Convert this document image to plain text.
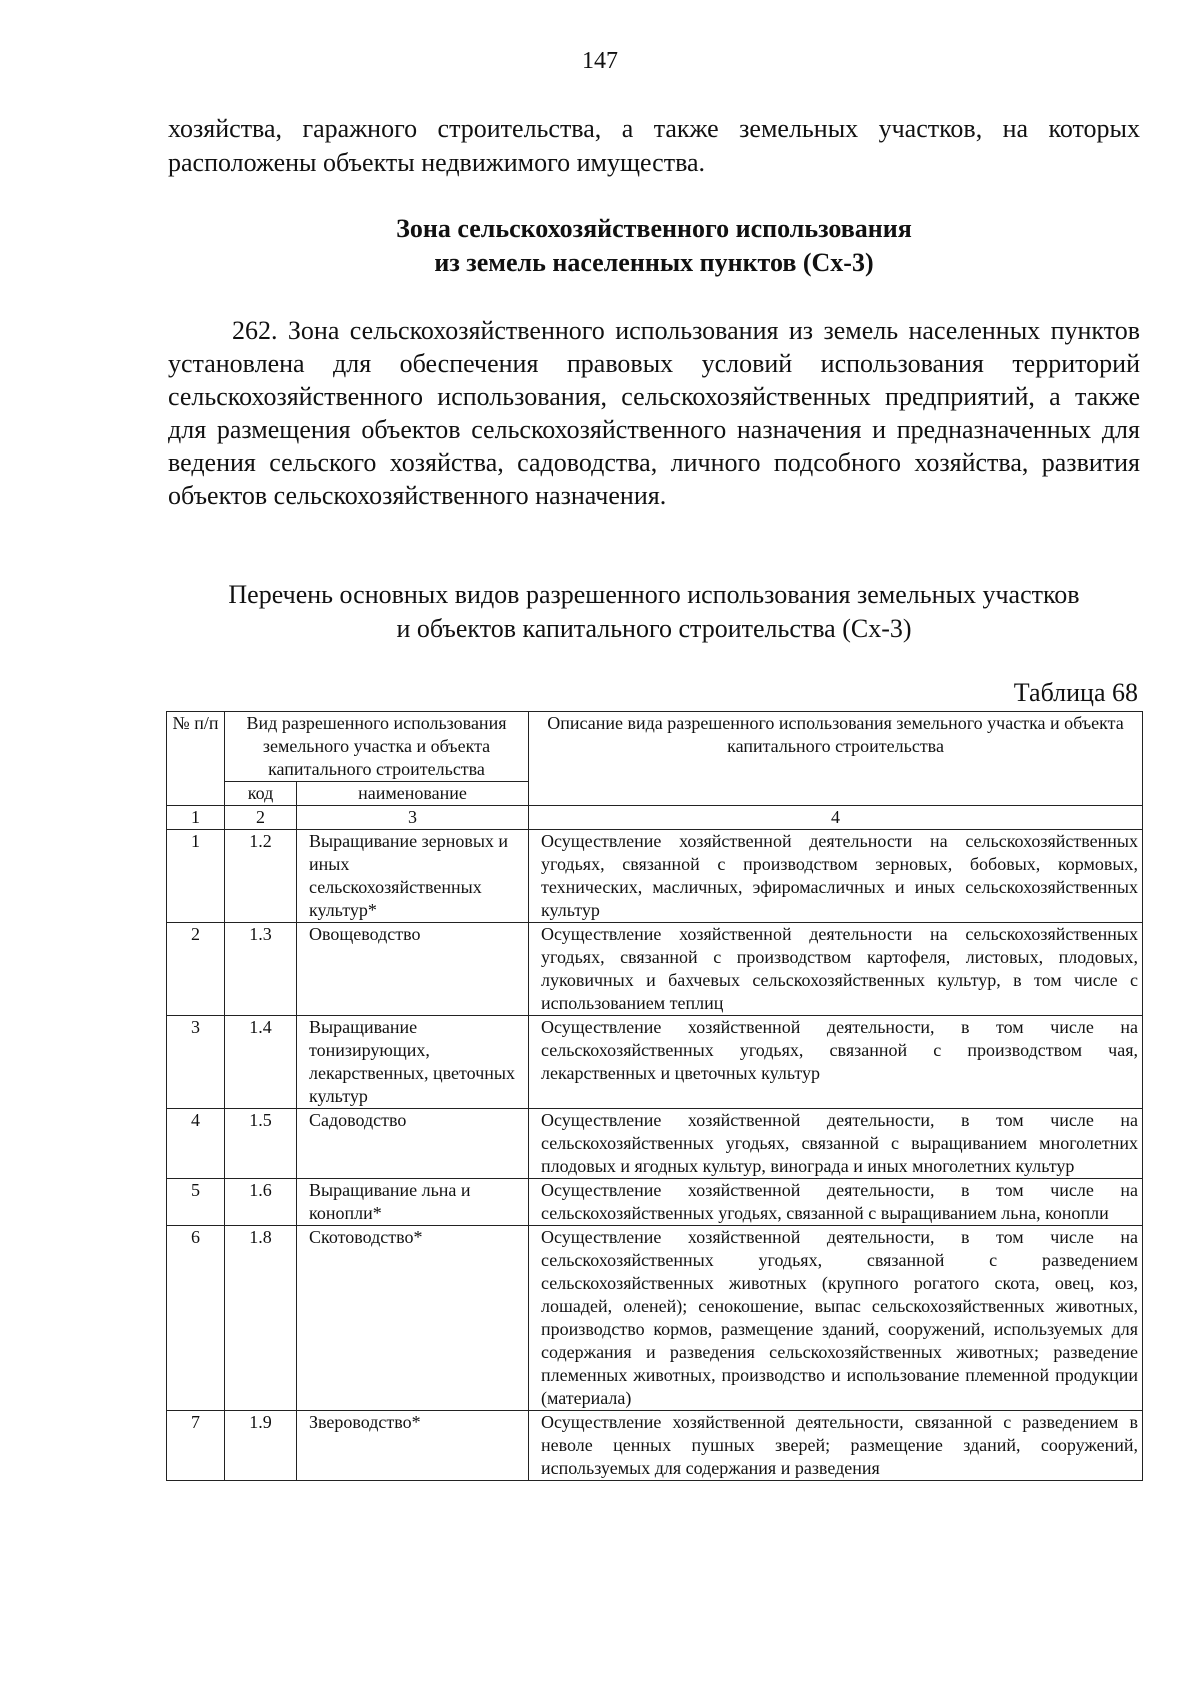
147

хозяйства, гаражного строительства, а также земельных участков, на которых расположены объекты недвижимого имущества.

Зона сельскохозяйственного использования
из земель населенных пунктов (Сх-3)

262. Зона сельскохозяйственного использования из земель населенных пунктов установлена для обеспечения правовых условий использования территорий сельскохозяйственного использования, сельскохозяйственных предприятий, а также для размещения объектов сельскохозяйственного назначения и предназначенных для ведения сельского хозяйства, садоводства, личного подсобного хозяйства, развития объектов сельскохозяйственного назначения.

Перечень основных видов разрешенного использования земельных участков
и объектов капитального строительства (Сх-3)
Таблица 68
№ п/п	Вид разрешенного использования земельного участка и объекта капитального строительства		Описание вида разрешенного использования земельного участка и объекта капитального строительства
	код	наименование	
1	2	3	4
1	1.2	Выращивание зерновых и иных сельскохозяйственных культур*	Осуществление хозяйственной деятельности на сельскохозяйственных угодьях, связанной с производством зерновых, бобовых, кормовых, технических, масличных, эфиромасличных и иных сельскохозяйственных культур
2	1.3	Овощеводство	Осуществление хозяйственной деятельности на сельскохозяйственных угодьях, связанной с производством картофеля, листовых, плодовых, луковичных и бахчевых сельскохозяйственных культур, в том числе с использованием теплиц
3	1.4	Выращивание тонизирующих, лекарственных, цветочных культур	Осуществление хозяйственной деятельности, в том числе на сельскохозяйственных угодьях, связанной с производством чая, лекарственных и цветочных культур
4	1.5	Садоводство	Осуществление хозяйственной деятельности, в том числе на сельскохозяйственных угодьях, связанной с выращиванием многолетних плодовых и ягодных культур, винограда и иных многолетних культур
5	1.6	Выращивание льна и конопли*	Осуществление хозяйственной деятельности, в том числе на сельскохозяйственных угодьях, связанной с выращиванием льна, конопли
6	1.8	Скотоводство*	Осуществление хозяйственной деятельности, в том числе на сельскохозяйственных угодьях, связанной с разведением сельскохозяйственных животных (крупного рогатого скота, овец, коз, лошадей, оленей); сенокошение, выпас сельскохозяйственных животных, производство кормов, размещение зданий, сооружений, используемых для содержания и разведения сельскохозяйственных животных; разведение племенных животных, производство и использование племенной продукции (материала)
7	1.9	Звероводство*	Осуществление хозяйственной деятельности, связанной с разведением в неволе ценных пушных зверей; размещение зданий, сооружений, используемых для содержания и разведения
